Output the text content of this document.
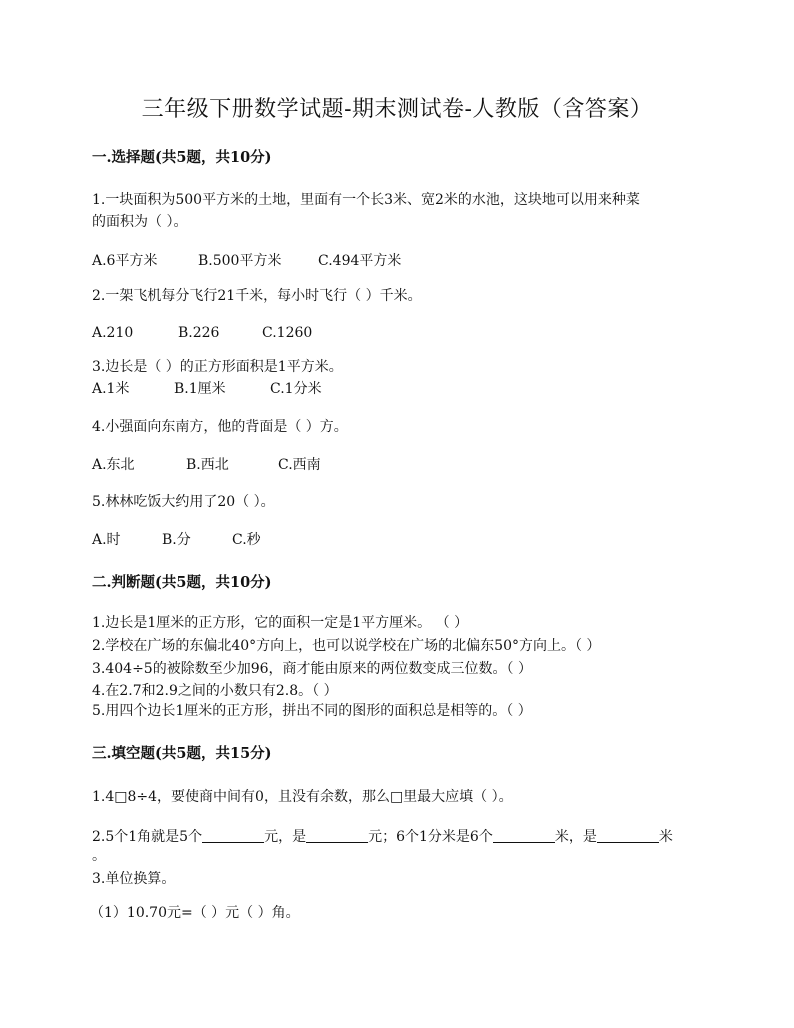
三年级下册数学试题-期末测试卷-人教版（含答案）
一.选择题(共5题，共10分)
1.一块面积为500平方米的土地，里面有一个长3米、宽2米的水池，这块地可以用来种菜
的面积为（ ）。
A.6平方米	B.500平方米	C.494平方米
2.一架飞机每分飞行21千米，每小时飞行（ ）千米。
A.210	B.226	C.1260
3.边长是（ ）的正方形面积是1平方米。
A.1米	B.1厘米	C.1分米
4.小强面向东南方，他的背面是（ ）方。
A.东北	B.西北	C.西南
5.林林吃饭大约用了20（ ）。
A.时	B.分	C.秒
二.判断题(共5题，共10分)
1.边长是1厘米的正方形，它的面积一定是1平方厘米。 （ ）
2.学校在广场的东偏北40°方向上，也可以说学校在广场的北偏东50°方向上。（ ）
3.404÷5的被除数至少加96，商才能由原来的两位数变成三位数。（ ）
4.在2.7和2.9之间的小数只有2.8。（ ）
5.用四个边长1厘米的正方形，拼出不同的图形的面积总是相等的。（ ）
三.填空题(共5题，共15分)
1.4□8÷4，要使商中间有0，且没有余数，那么□里最大应填（ ）。
2.5个1角就是5个	元，是	元；6个1分米是6个	米，是	米
。
3.单位换算。
（1）10.70元=（ ）元（ ）角。
